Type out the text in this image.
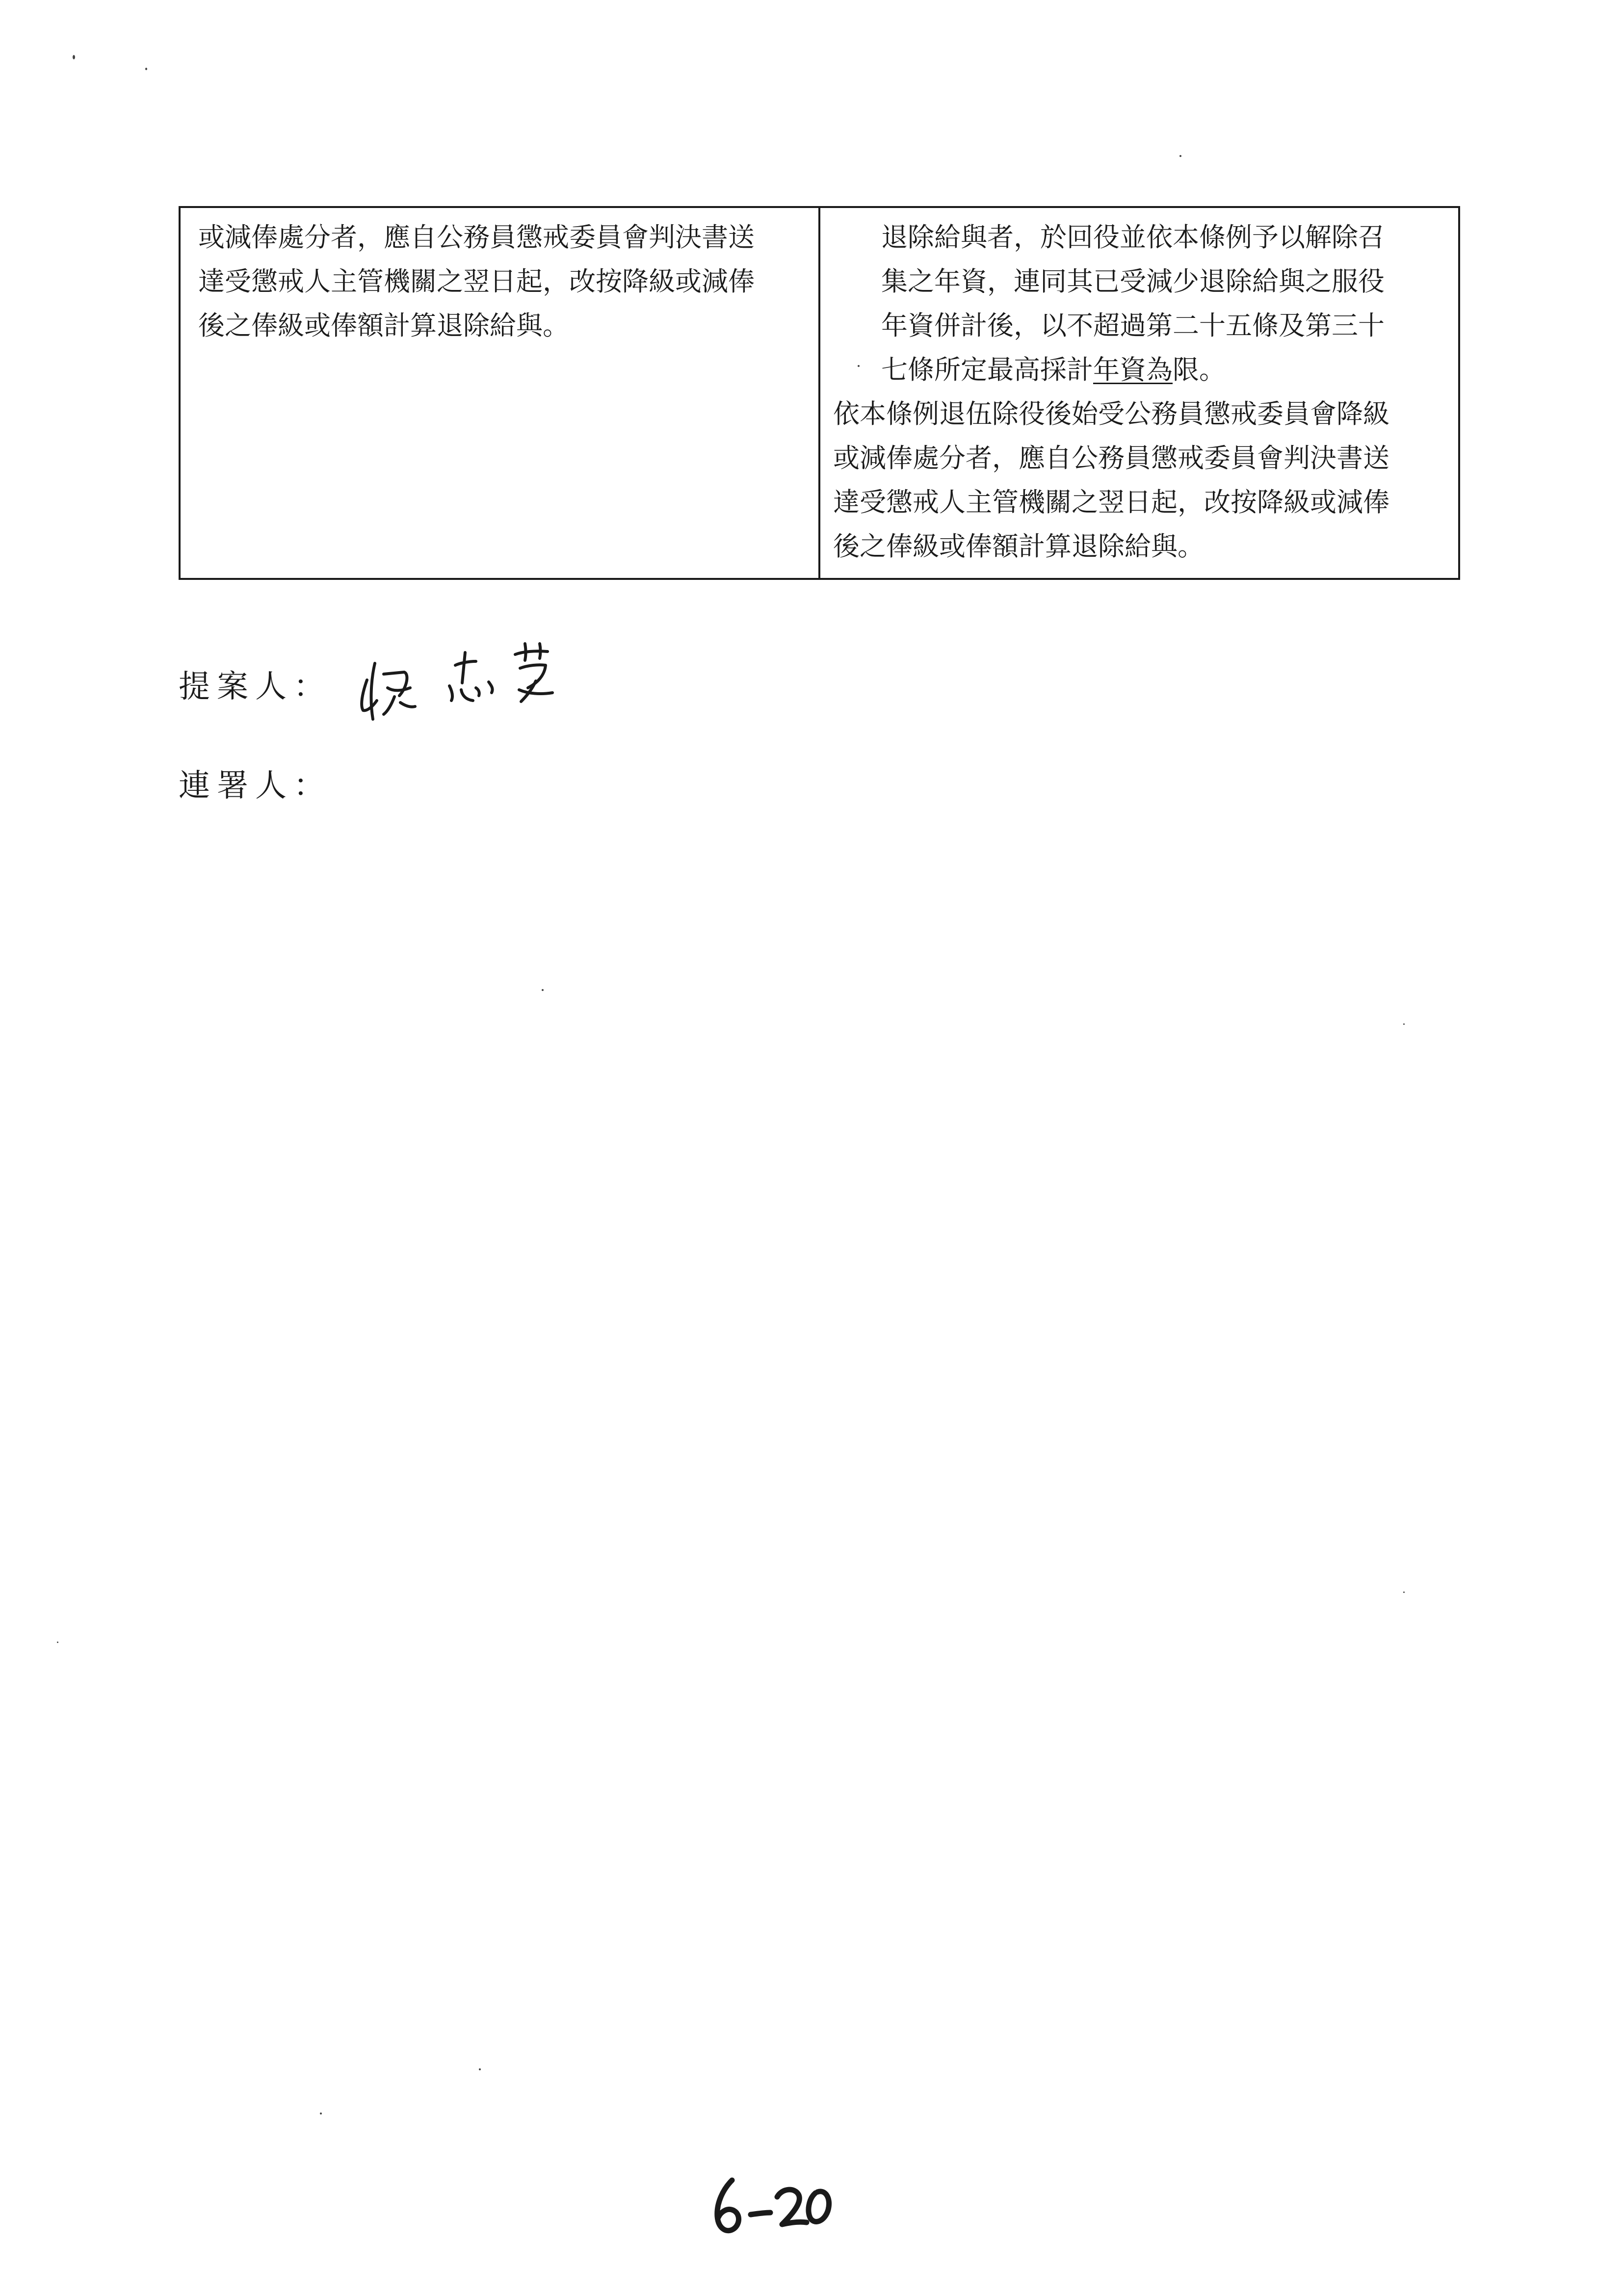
或減俸處分者，應自公務員懲戒委員會判決書送
達受懲戒人主管機關之翌日起，改按降級或減俸
後之俸級或俸額計算退除給與。
退除給與者，於回役並依本條例予以解除召
集之年資，連同其已受減少退除給與之服役
年資併計後，以不超過第二十五條及第三十
七條所定最高採計年資為限。
依本條例退伍除役後始受公務員懲戒委員會降級
或減俸處分者，應自公務員懲戒委員會判決書送
達受懲戒人主管機關之翌日起，改按降級或減俸
後之俸級或俸額計算退除給與。
提案人：
連署人：
